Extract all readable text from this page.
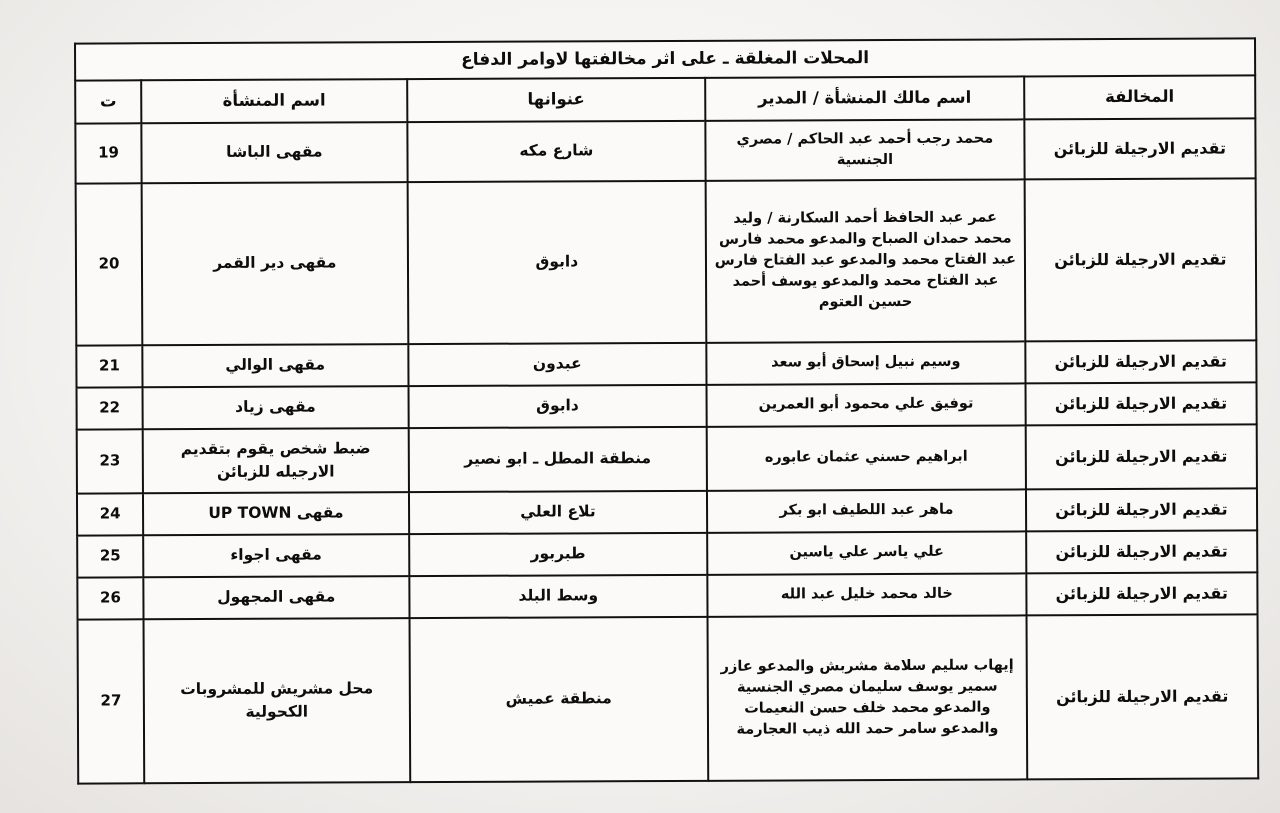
المحلات المغلقة ـ على اثر مخالفتها لاوامر الدفاع				
المخالفة	اسم مالك المنشأة / المدير	عنوانها	اسم المنشأة	ت
تقديم الارجيلة للزبائن	محمد رجب أحمد عبد الحاكم / مصري الجنسية	شارع مكه	مقهى الباشا	19
تقديم الارجيلة للزبائن	عمر عبد الحافظ أحمد السكارنة / وليد محمد حمدان الصباح والمدعو محمد فارس عبد الفتاح محمد والمدعو عبد الفتاح فارس عبد الفتاح محمد والمدعو يوسف أحمد حسين العتوم	دابوق	مقهى دير القمر	20
تقديم الارجيلة للزبائن	وسيم نبيل إسحاق أبو سعد	عبدون	مقهى الوالي	21
تقديم الارجيلة للزبائن	توفيق علي محمود أبو العمرين	دابوق	مقهى زياد	22
تقديم الارجيلة للزبائن	ابراهيم حسني عثمان عابوره	منطقة المطل ـ ابو نصير	ضبط شخص يقوم بتقديم الارجيله للزبائن	23
تقديم الارجيلة للزبائن	ماهر عبد اللطيف ابو بكر	تلاع العلي	مقهى UP TOWN	24
تقديم الارجيلة للزبائن	علي ياسر علي ياسين	طبربور	مقهى اجواء	25
تقديم الارجيلة للزبائن	خالد محمد خليل عبد الله	وسط البلد	مقهى المجهول	26
تقديم الارجيلة للزبائن	إيهاب سليم سلامة مشربش والمدعو عازر سمير يوسف سليمان مصري الجنسية والمدعو محمد خلف حسن النعيمات والمدعو سامر حمد الله ذيب العجارمة	منطقة عميش	محل مشريش للمشروبات الكحولية	27
